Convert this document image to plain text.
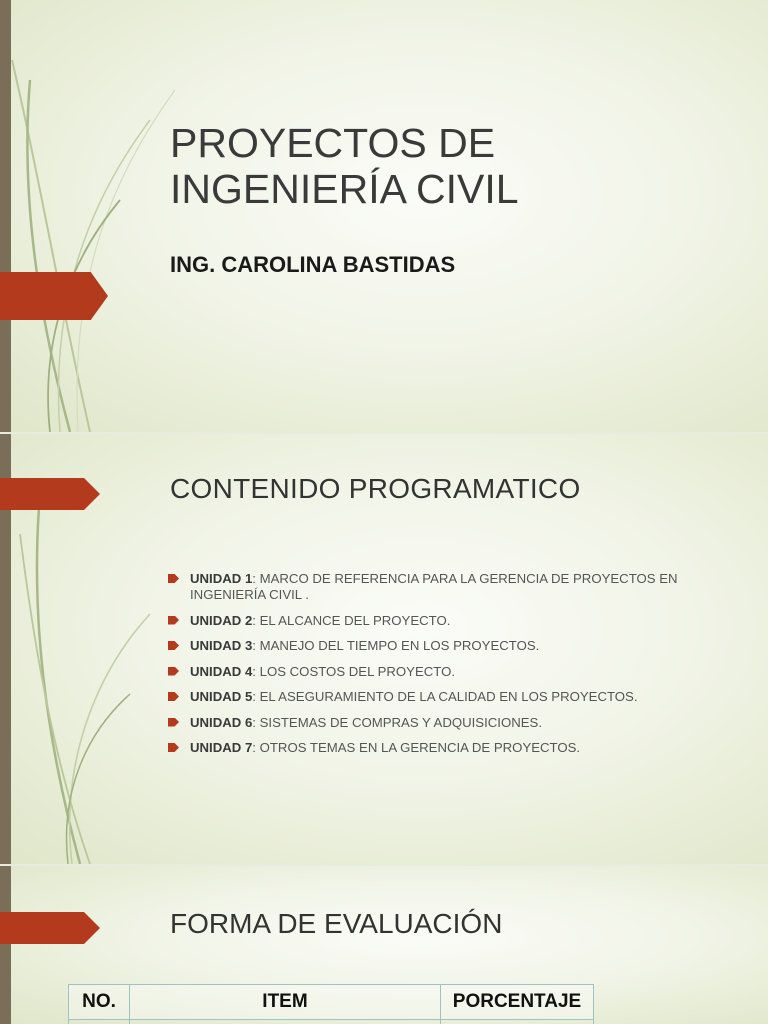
PROYECTOS DE INGENIERÍA CIVIL
ING. CAROLINA BASTIDAS
CONTENIDO PROGRAMATICO
UNIDAD 1: MARCO DE REFERENCIA PARA LA GERENCIA DE PROYECTOS EN INGENIERÍA CIVIL .
UNIDAD 2: EL ALCANCE DEL PROYECTO.
UNIDAD 3: MANEJO DEL TIEMPO EN LOS PROYECTOS.
UNIDAD 4: LOS COSTOS DEL PROYECTO.
UNIDAD 5: EL ASEGURAMIENTO DE LA CALIDAD EN LOS PROYECTOS.
UNIDAD 6: SISTEMAS DE COMPRAS Y ADQUISICIONES.
UNIDAD 7: OTROS TEMAS EN LA GERENCIA DE PROYECTOS.
FORMA DE EVALUACIÓN
NO.	ITEM	PORCENTAJE
